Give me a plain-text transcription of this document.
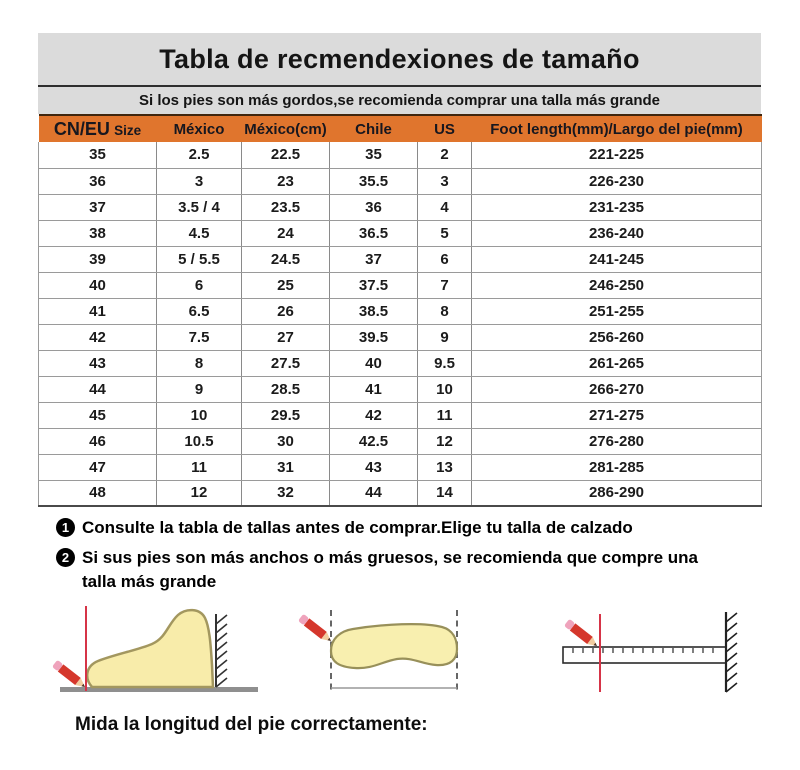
Tabla de recmendexiones de tamaño
Si los pies son más gordos,se recomienda comprar una talla más grande
CN/EU Size	México	México(cm)	Chile	US	Foot length(mm)/Largo del pie(mm)
35	2.5	22.5	35	2	221-225
36	3	23	35.5	3	226-230
37	3.5 / 4	23.5	36	4	231-235
38	4.5	24	36.5	5	236-240
39	5 / 5.5	24.5	37	6	241-245
40	6	25	37.5	7	246-250
41	6.5	26	38.5	8	251-255
42	7.5	27	39.5	9	256-260
43	8	27.5	40	9.5	261-265
44	9	28.5	41	10	266-270
45	10	29.5	42	11	271-275
46	10.5	30	42.5	12	276-280
47	11	31	43	13	281-285
48	12	32	44	14	286-290
1 Consulte la tabla de tallas antes de comprar.Elige tu talla de calzado
2 Si sus pies son más anchos o más gruesos, se recomienda que compre una talla más grande
Mida la longitud del pie correctamente:
